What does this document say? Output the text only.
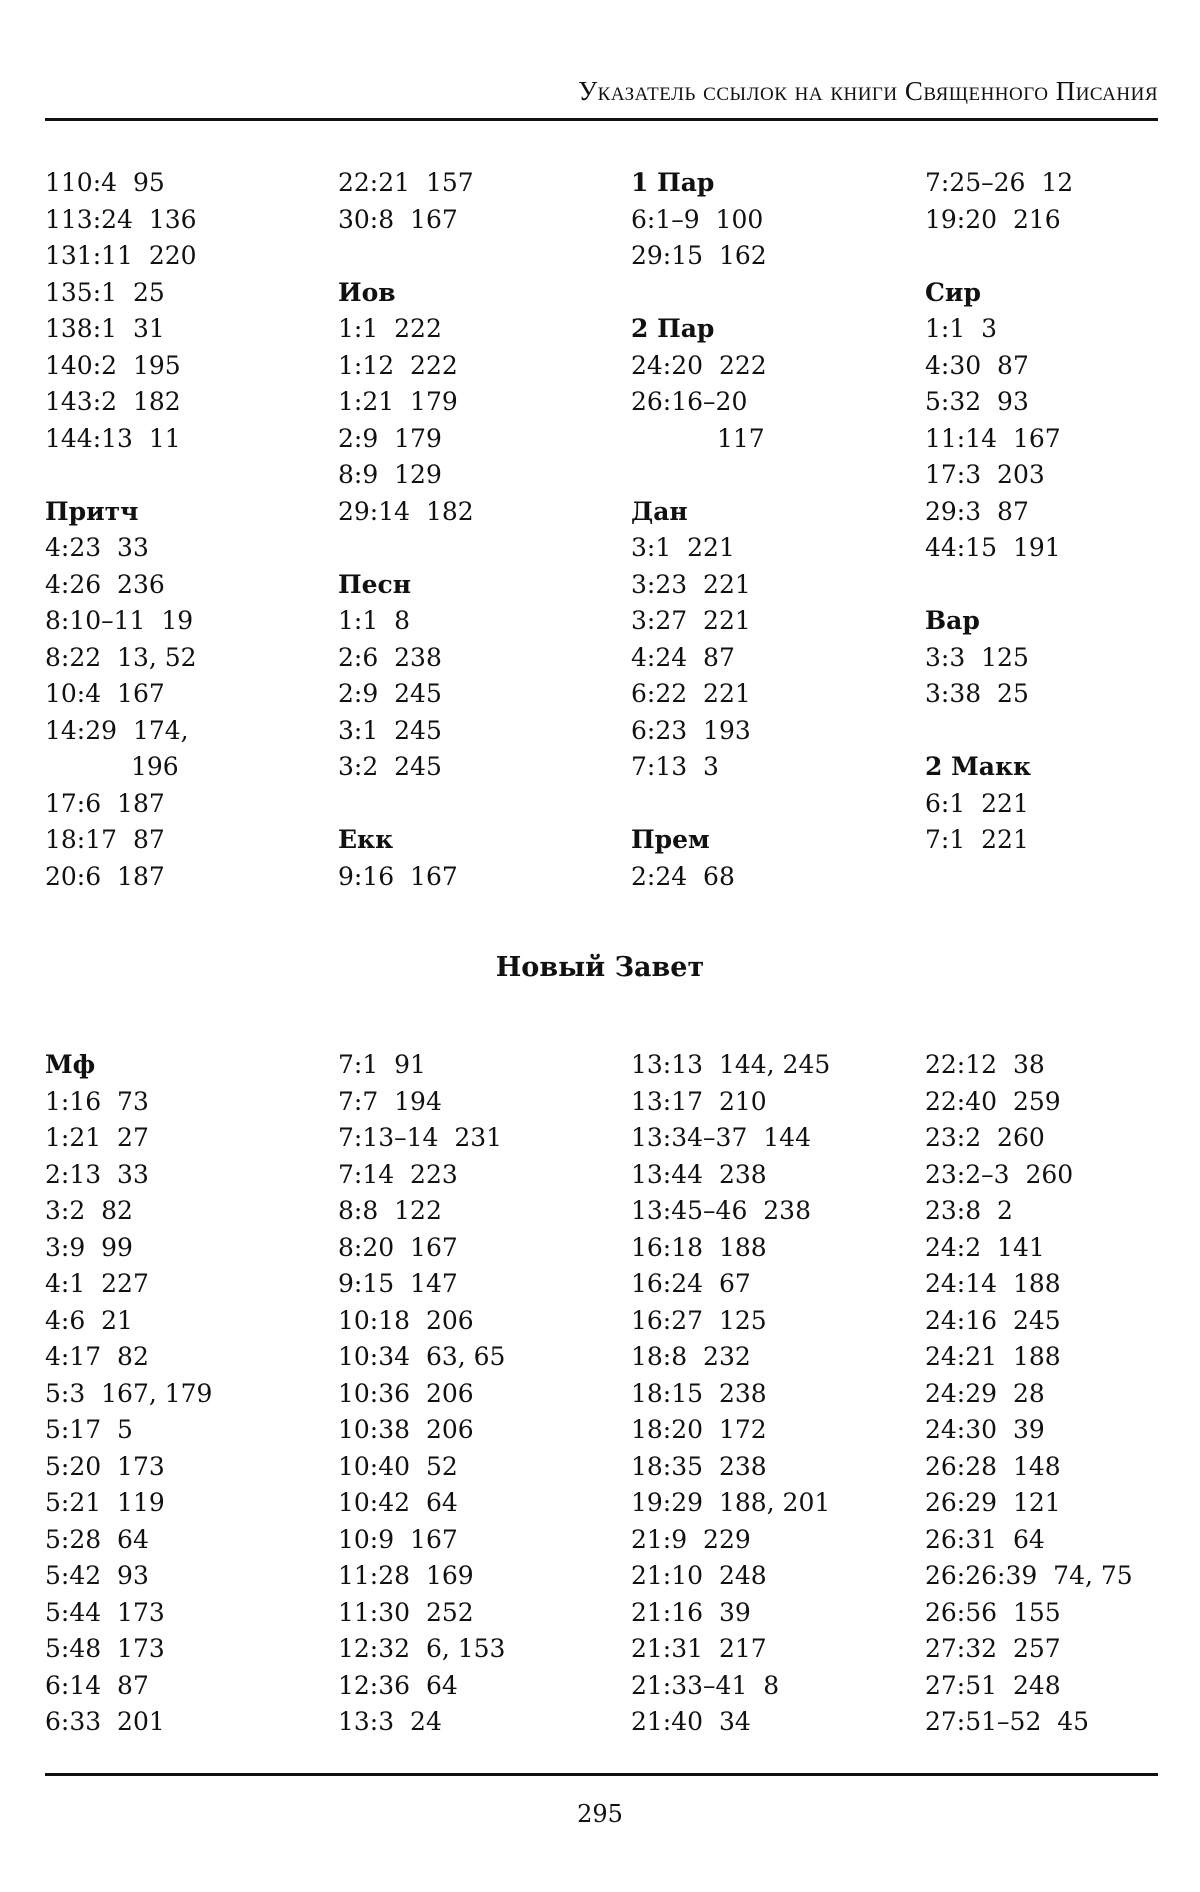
Указатель ссылок на книги Священного Писания
110:4  95
113:24  136
131:11  220
135:1  25
138:1  31
140:2  195
143:2  182
144:13  11
Притч
4:23  33
4:26  236
8:10–11  19
8:22  13, 52
10:4  167
14:29  174,
196
17:6  187
18:17  87
20:6  187
22:21  157
30:8  167
Иов
1:1  222
1:12  222
1:21  179
2:9  179
8:9  129
29:14  182
Песн
1:1  8
2:6  238
2:9  245
3:1  245
3:2  245
Екк
9:16  167
1 Пар
6:1–9  100
29:15  162
2 Пар
24:20  222
26:16–20
117
Дан
3:1  221
3:23  221
3:27  221
4:24  87
6:22  221
6:23  193
7:13  3
Прем
2:24  68
7:25–26  12
19:20  216
Сир
1:1  3
4:30  87
5:32  93
11:14  167
17:3  203
29:3  87
44:15  191
Вар
3:3  125
3:38  25
2 Макк
6:1  221
7:1  221
Новый Завет
Мф
1:16  73
1:21  27
2:13  33
3:2  82
3:9  99
4:1  227
4:6  21
4:17  82
5:3  167, 179
5:17  5
5:20  173
5:21  119
5:28  64
5:42  93
5:44  173
5:48  173
6:14  87
6:33  201
7:1  91
7:7  194
7:13–14  231
7:14  223
8:8  122
8:20  167
9:15  147
10:18  206
10:34  63, 65
10:36  206
10:38  206
10:40  52
10:42  64
10:9  167
11:28  169
11:30  252
12:32  6, 153
12:36  64
13:3  24
13:13  144, 245
13:17  210
13:34–37  144
13:44  238
13:45–46  238
16:18  188
16:24  67
16:27  125
18:8  232
18:15  238
18:20  172
18:35  238
19:29  188, 201
21:9  229
21:10  248
21:16  39
21:31  217
21:33–41  8
21:40  34
22:12  38
22:40  259
23:2  260
23:2–3  260
23:8  2
24:2  141
24:14  188
24:16  245
24:21  188
24:29  28
24:30  39
26:28  148
26:29  121
26:31  64
26:26:39  74, 75
26:56  155
27:32  257
27:51  248
27:51–52  45
295
